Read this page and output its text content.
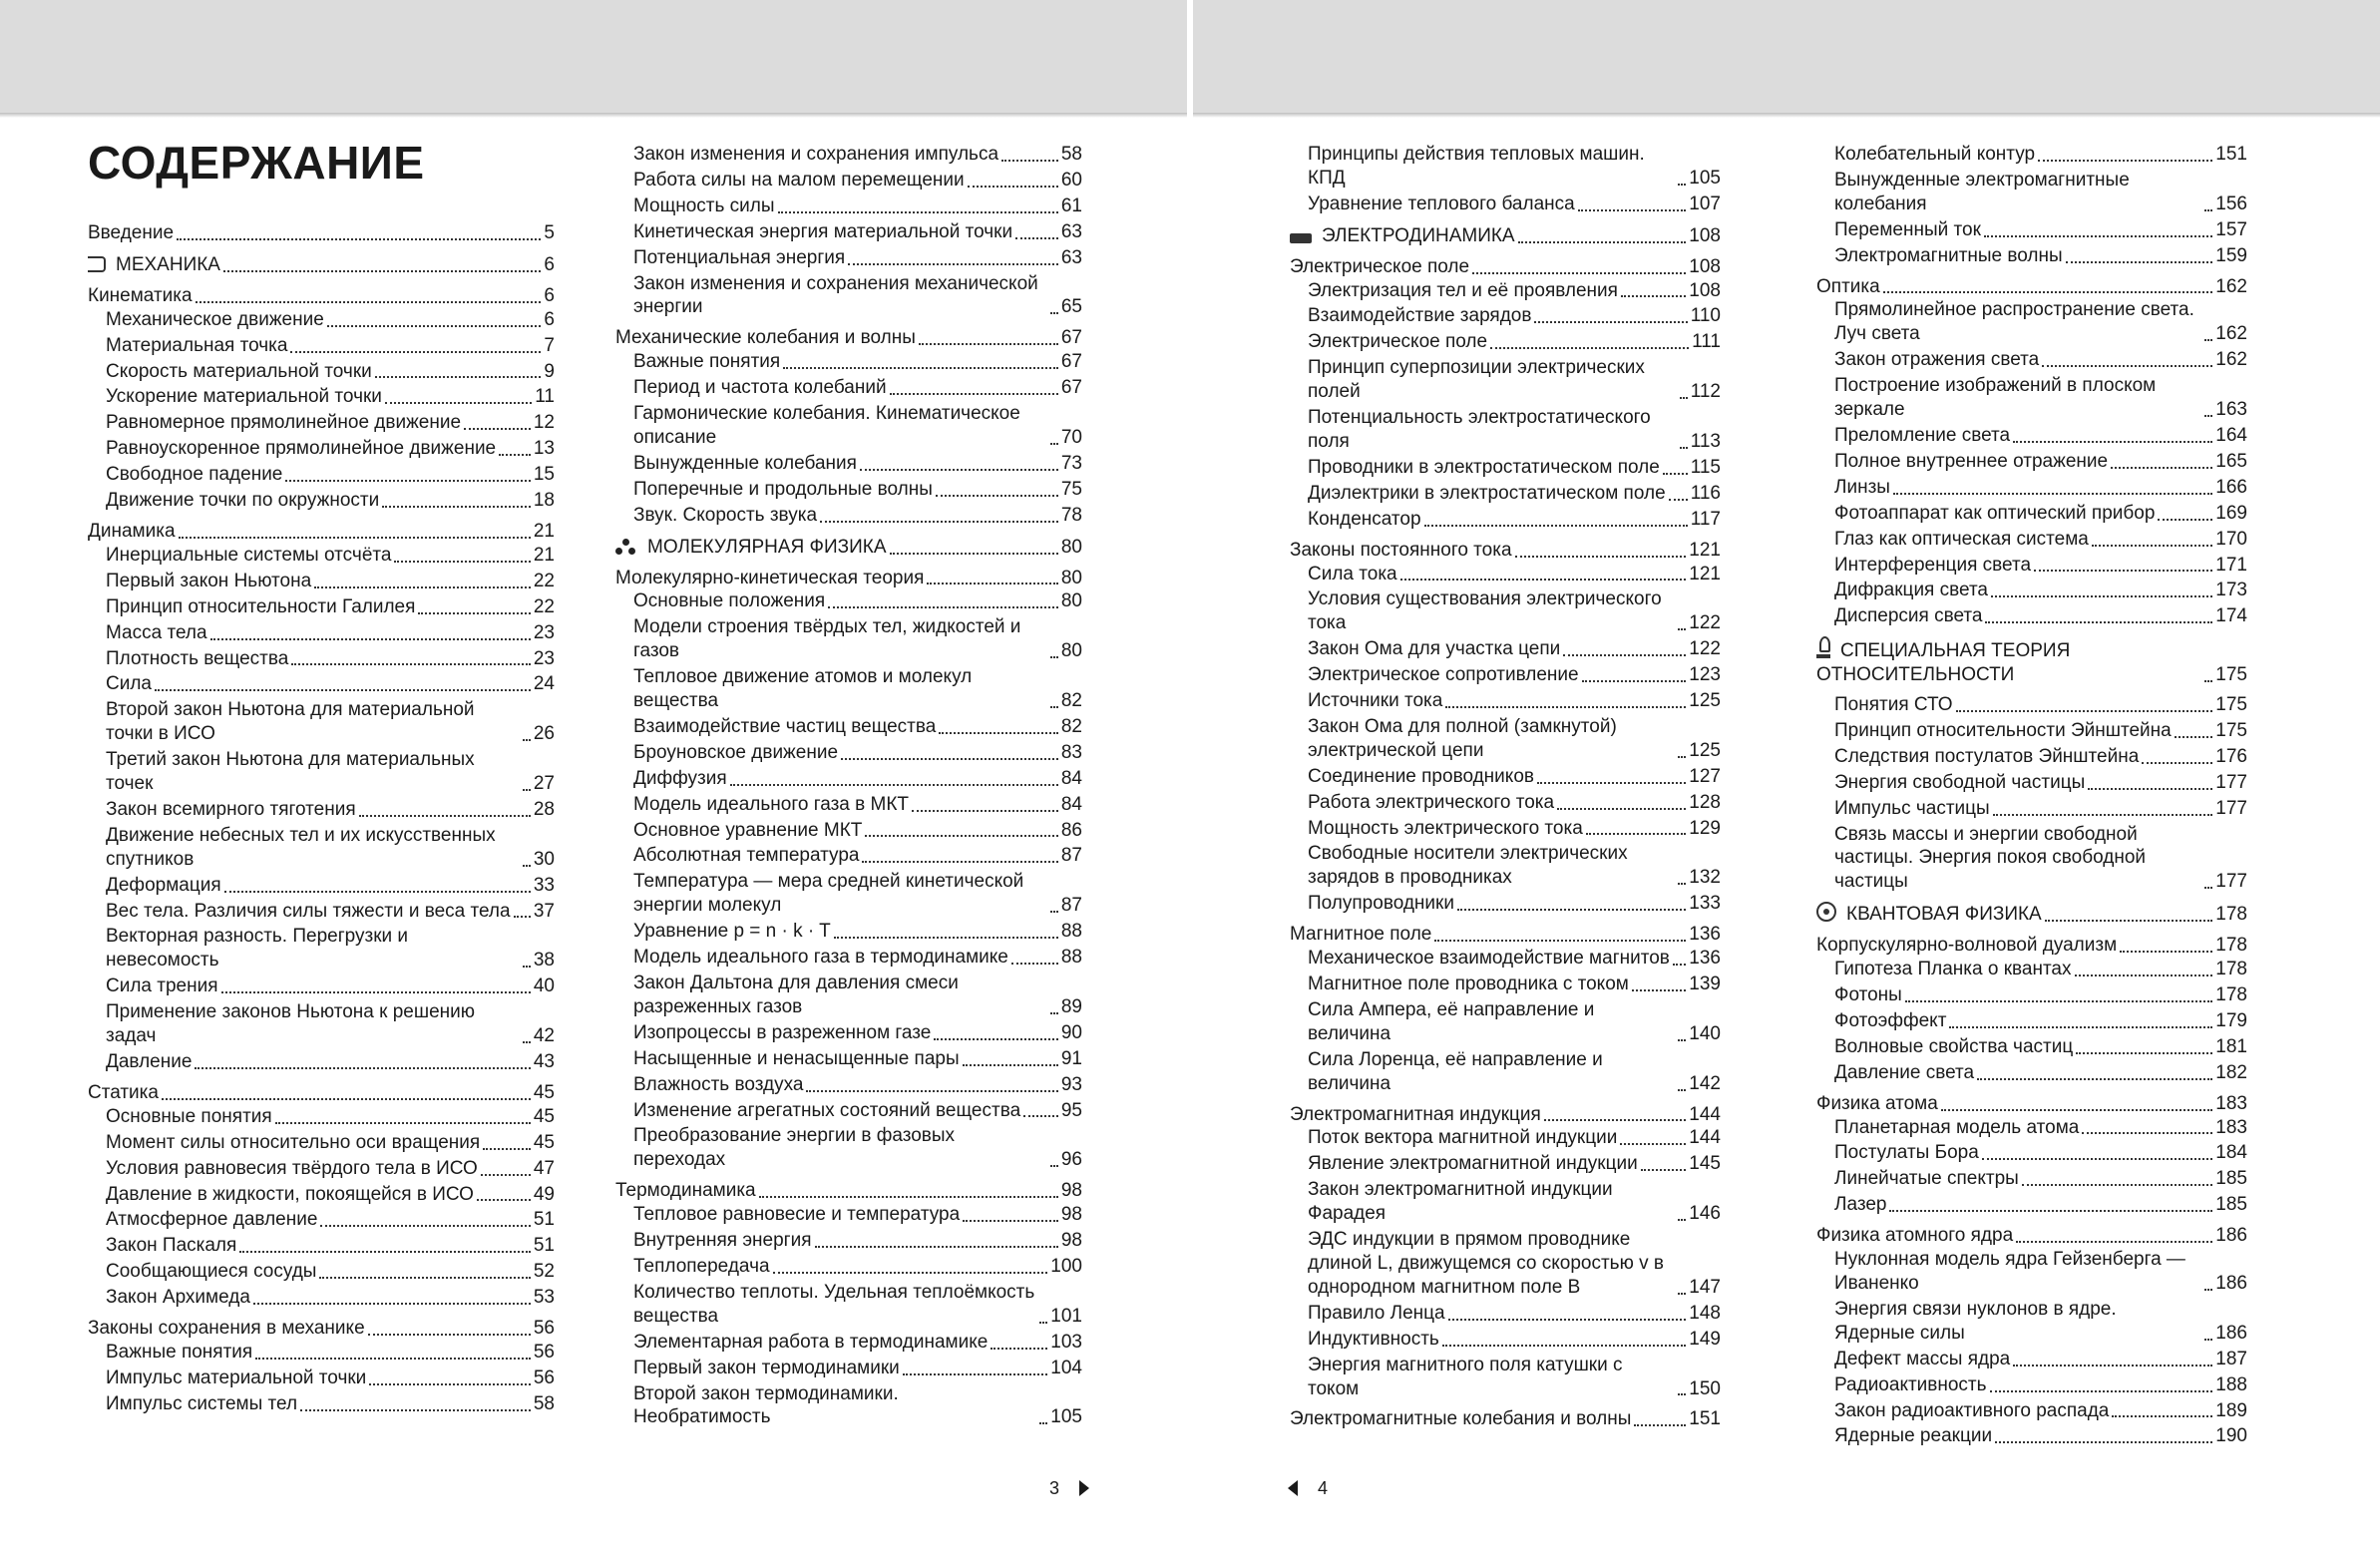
СОДЕРЖАНИЕ
Введение	5
МЕХАНИКА	6
Кинематика	6
Механическое движение	6
Материальная точка	7
Скорость материальной точки	9
Ускорение материальной точки	11
Равномерное прямолинейное движение	12
Равноускоренное прямолинейное движение 13
Свободное падение	15
Движение точки по окружности	18
Динамика	21
Инерциальные системы отсчёта	21
Первый закон Ньютона	22
Принцип относительности Галилея	22
Масса тела	23
Плотность вещества	23
Сила	24
Второй закон Ньютона для материальной точки в ИСО	26
Третий закон Ньютона для материальных точек	27
Закон всемирного тяготения	28
Движение небесных тел и их искусственных спутников	30
Деформация	33
Вес тела. Различия силы тяжести и веса тела 37
Векторная разность. Перегрузки и невесомость	38
Сила трения	40
Применение законов Ньютона к решению задач	42
Давление	43
Статика	45
Основные понятия	45
Момент силы относительно оси вращения	45
Условия равновесия твёрдого тела в ИСО	47
Давление в жидкости, покоящейся в ИСО	49
Атмосферное давление	51
Закон Паскаля	51
Сообщающиеся сосуды	52
Закон Архимеда	53
Законы сохранения в механике	56
Важные понятия	56
Импульс материальной точки	56
Импульс системы тел	58
Закон изменения и сохранения импульса	58
Работа силы на малом перемещении	60
Мощность силы	61
Кинетическая энергия материальной точки	63
Потенциальная энергия	63
Закон изменения и сохранения механической энергии	65
Механические колебания и волны	67
Важные понятия	67
Период и частота колебаний	67
Гармонические колебания. Кинематическое описание	70
Вынужденные колебания	73
Поперечные и продольные волны	75
Звук. Скорость звука	78
МОЛЕКУЛЯРНАЯ ФИЗИКА	80
Молекулярно-кинетическая теория	80
Основные положения	80
Модели строения твёрдых тел, жидкостей и газов	80
Тепловое движение атомов и молекул вещества	82
Взаимодействие частиц вещества	82
Броуновское движение	83
Диффузия	84
Модель идеального газа в МКТ	84
Основное уравнение МКТ	86
Абсолютная температура	87
Температура — мера средней кинетической энергии молекул	87
Уравнение p = n · k · T	88
Модель идеального газа в термодинамике	88
Закон Дальтона для давления смеси разреженных газов	89
Изопроцессы в разреженном газе	90
Насыщенные и ненасыщенные пары	91
Влажность воздуха	93
Изменение агрегатных состояний вещества 95
Преобразование энергии в фазовых переходах	96
Термодинамика	98
Тепловое равновесие и температура	98
Внутренняя энергия	98
Теплопередача	100
Количество теплоты. Удельная теплоёмкость вещества	101
Элементарная работа в термодинамике	103
Первый закон термодинамики	104
Второй закон термодинамики. Необратимость	105
Принципы действия тепловых машин. КПД	105
Уравнение теплового баланса	107
ЭЛЕКТРОДИНАМИКА	108
Электрическое поле	108
Электризация тел и её проявления	108
Взаимодействие зарядов	110
Электрическое поле	111
Принцип суперпозиции электрических полей	112
Потенциальность электростатического поля	113
Проводники в электростатическом поле 115
Диэлектрики в электростатическом поле 116
Конденсатор	117
Законы постоянного тока	121
Сила тока	121
Условия существования электрического тока	122
Закон Ома для участка цепи	122
Электрическое сопротивление	123
Источники тока	125
Закон Ома для полной (замкнутой) электрической цепи	125
Соединение проводников	127
Работа электрического тока	128
Мощность электрического тока	129
Свободные носители электрических зарядов в проводниках	132
Полупроводники	133
Магнитное поле	136
Механическое взаимодействие магнитов 136
Магнитное поле проводника с током	139
Сила Ампера, её направление и величина	140
Сила Лоренца, её направление и величина	142
Электромагнитная индукция	144
Поток вектора магнитной индукции	144
Явление электромагнитной индукции	145
Закон электромагнитной индукции Фарадея	146
ЭДС индукции в прямом проводнике длиной L, движущемся со скоростью v в однородном магнитном поле B	147
Правило Ленца	148
Индуктивность	149
Энергия магнитного поля катушки с током	150
Электромагнитные колебания и волны	151
Колебательный контур	151
Вынужденные электромагнитные колебания	156
Переменный ток	157
Электромагнитные волны	159
Оптика	162
Прямолинейное распространение света. Луч света	162
Закон отражения света	162
Построение изображений в плоском зеркале	163
Преломление света	164
Полное внутреннее отражение	165
Линзы	166
Фотоаппарат как оптический прибор	169
Глаз как оптическая система	170
Интерференция света	171
Дифракция света	173
Дисперсия света	174
СПЕЦИАЛЬНАЯ ТЕОРИЯ ОТНОСИТЕЛЬНОСТИ	175
Понятия СТО	175
Принцип относительности Эйнштейна 175
Следствия постулатов Эйнштейна	176
Энергия свободной частицы	177
Импульс частицы	177
Связь массы и энергии свободной частицы. Энергия покоя свободной частицы	177
КВАНТОВАЯ ФИЗИКА	178
Корпускулярно-волновой дуализм	178
Гипотеза Планка о квантах	178
Фотоны	178
Фотоэффект	179
Волновые свойства частиц	181
Давление света	182
Физика атома	183
Планетарная модель атома	183
Постулаты Бора	184
Линейчатые спектры	185
Лазер	185
Физика атомного ядра	186
Нуклонная модель ядра Гейзенберга — Иваненко	186
Энергия связи нуклонов в ядре. Ядерные силы	186
Дефект массы ядра	187
Радиоактивность	188
Закон радиоактивного распада	189
Ядерные реакции	190
3	4
